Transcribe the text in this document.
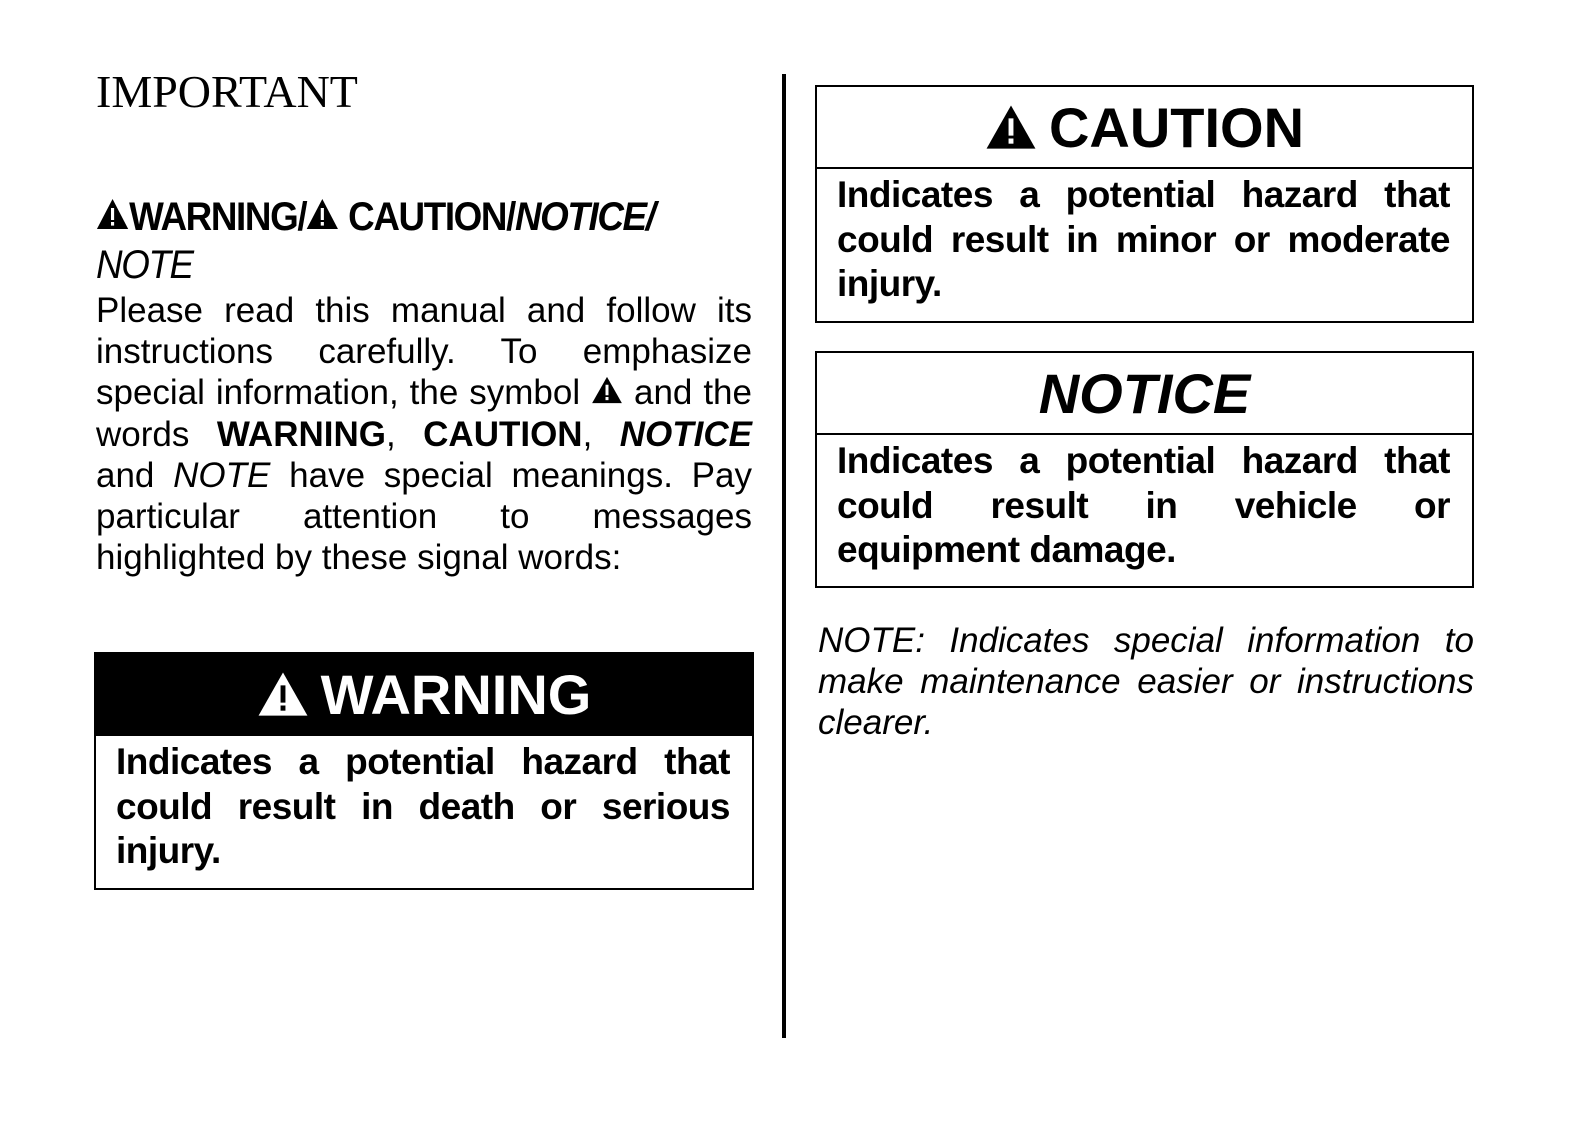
IMPORTANT
WARNING/ CAUTION/NOTICE/
NOTE
Please read this manual and follow its instructions carefully. To emphasize special information, the symbol and the words WARNING, CAUTION, NOTICE and NOTE have special meanings. Pay particular attention to messages highlighted by these signal words:
WARNING
Indicates a potential hazard that could result in death or serious injury.
CAUTION
Indicates a potential hazard that could result in minor or moderate injury.
NOTICE
Indicates a potential hazard that could result in vehicle or equipment damage.
NOTE: Indicates special information to make maintenance easier or instructions clearer.
